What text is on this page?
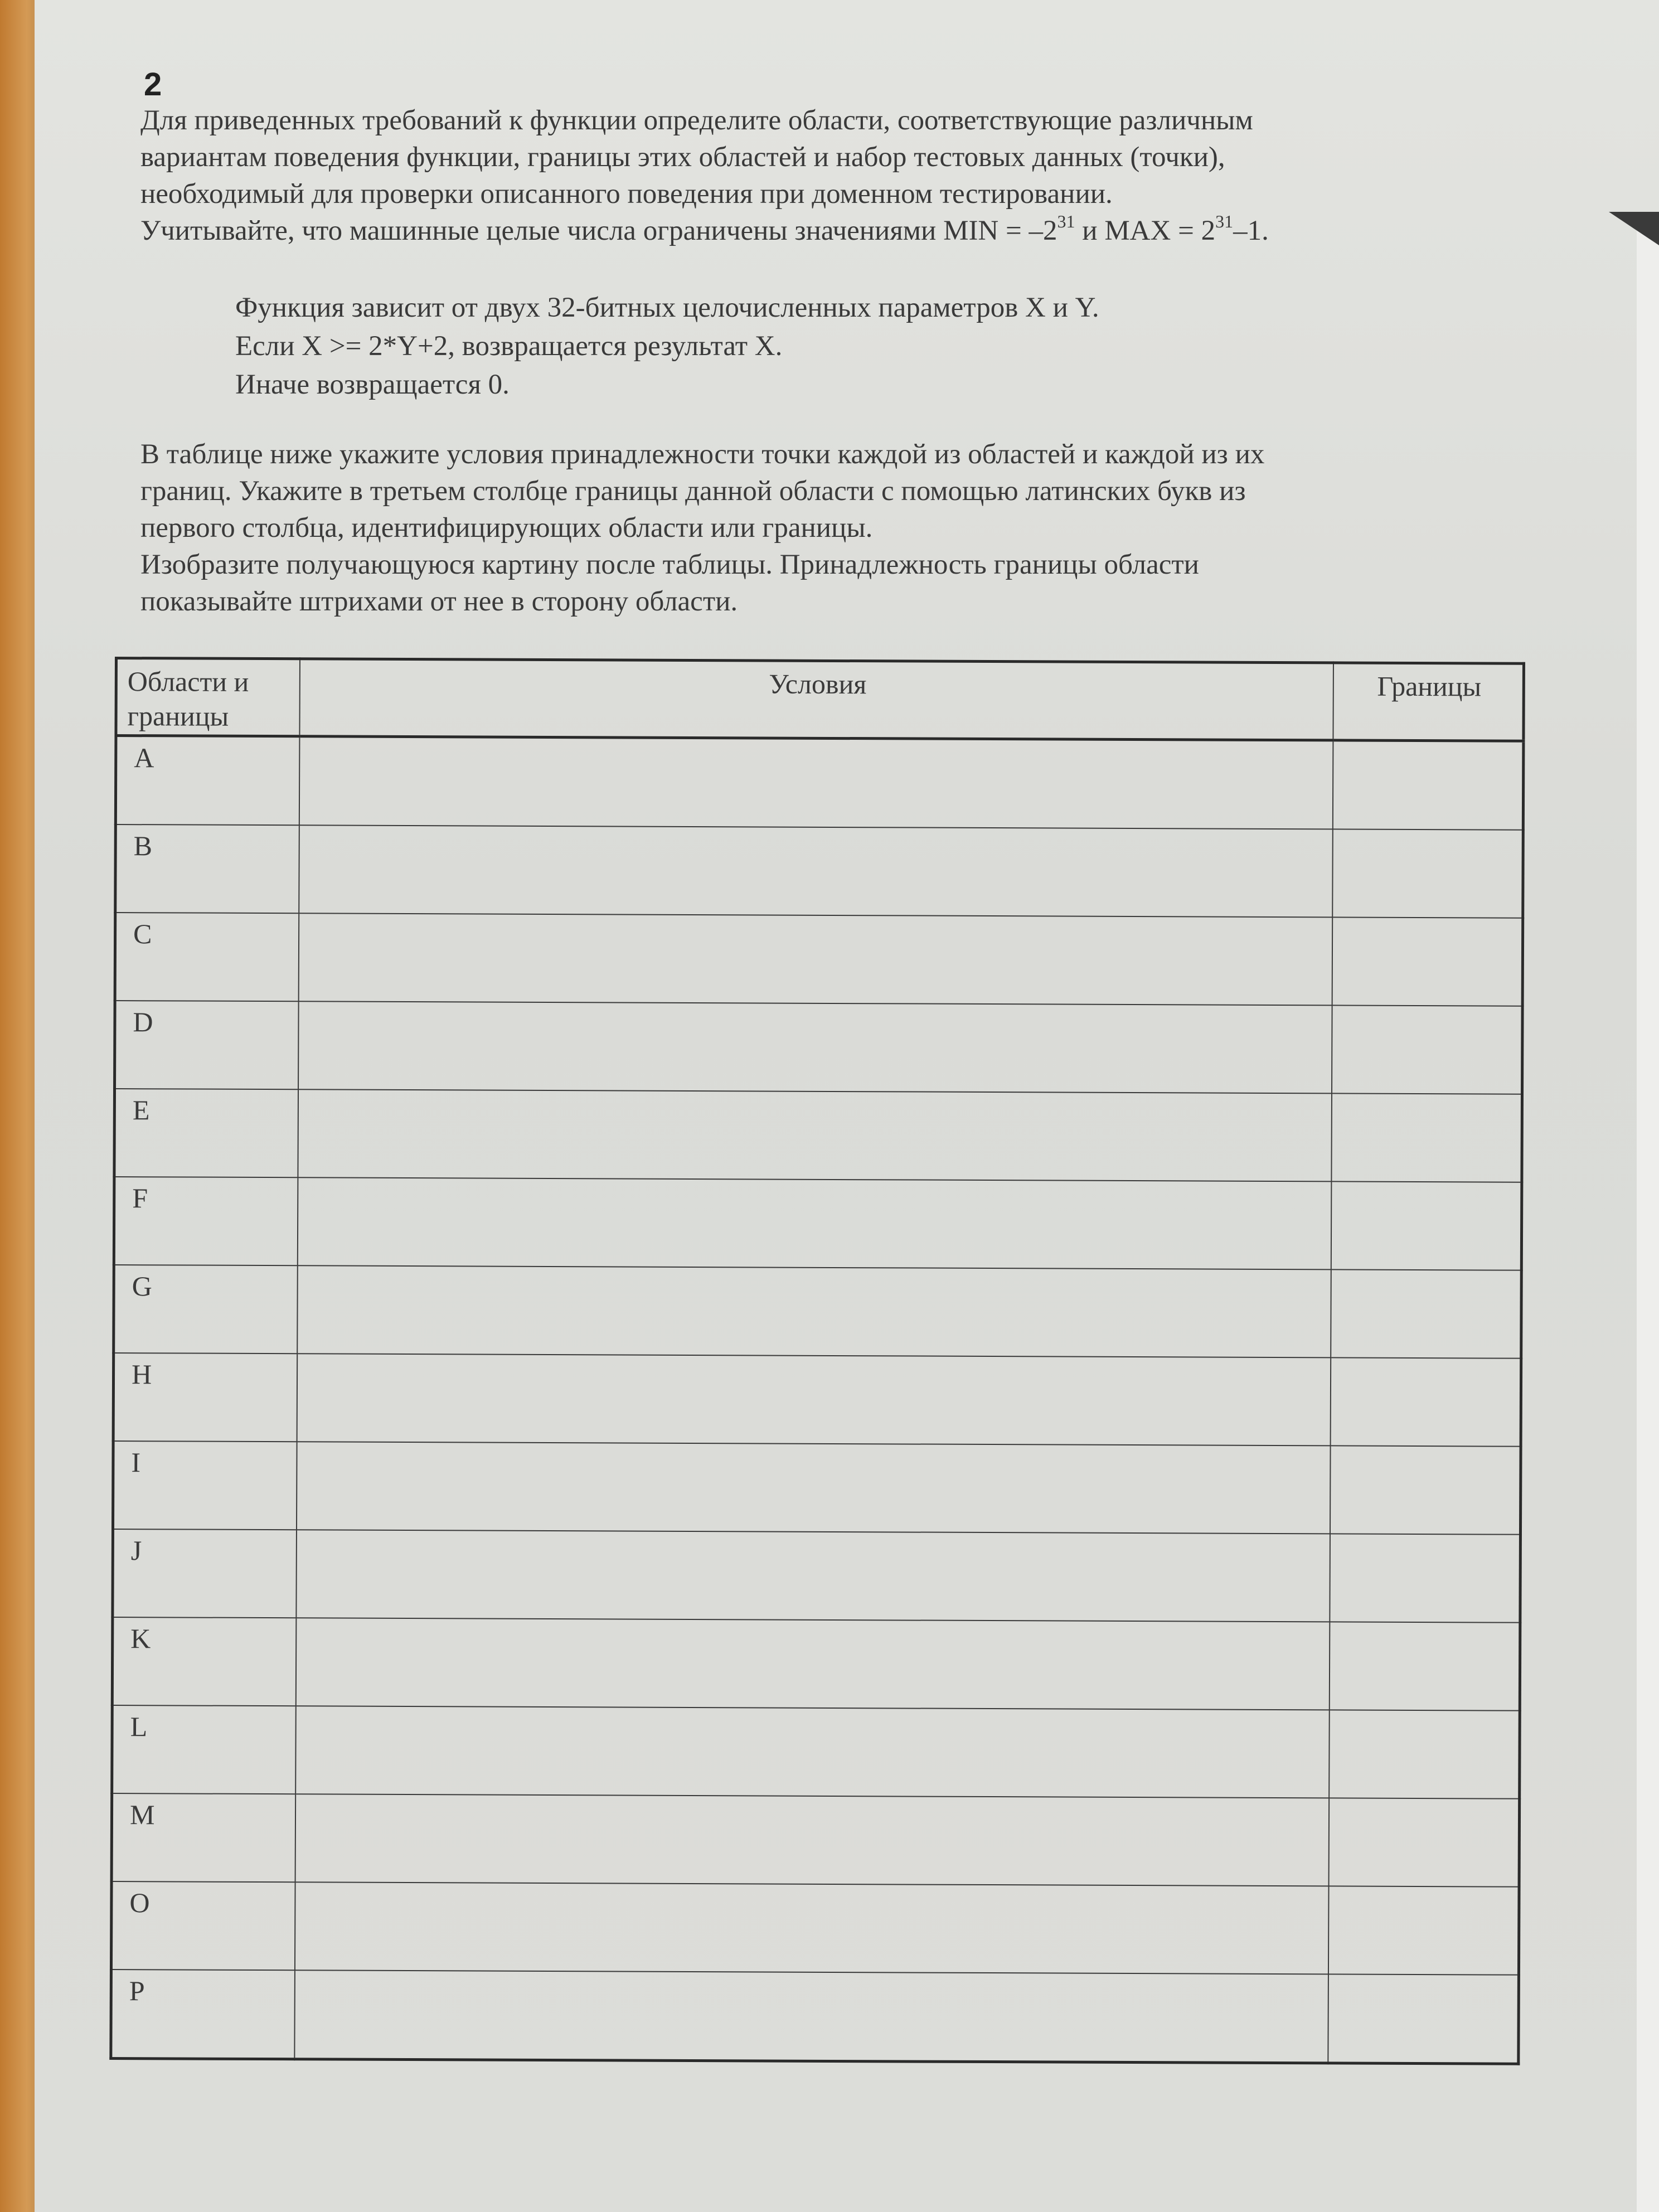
2

Для приведенных требований к функции определите области, соответствующие различным

вариантам поведения функции, границы этих областей и набор тестовых данных (точки),

необходимый для проверки описанного поведения при доменном тестировании.

Учитывайте, что машинные целые числа ограничены значениями MIN = $-2^{31}$ и MAX = $2^{31}-1$.

Функция зависит от двух 32-битных целочисленных параметров X и Y.

Если X >= 2*Y+2, возвращается результат X.

Иначе возвращается 0.

В таблице ниже укажите условия принадлежности точки каждой из областей и каждой из их

границ. Укажите в третьем столбце границы данной области с помощью латинских букв из

первого столбца, идентифицирующих области или границы.

Изобразите получающуюся картину после таблицы. Принадлежность границы области

показывайте штрихами от нее в сторону области.

Области и границы	Условия	Границы
A		
B		
C		
D		
E		
F		
G		
H		
I		
J		
K		
L		
M		
O		
P		
